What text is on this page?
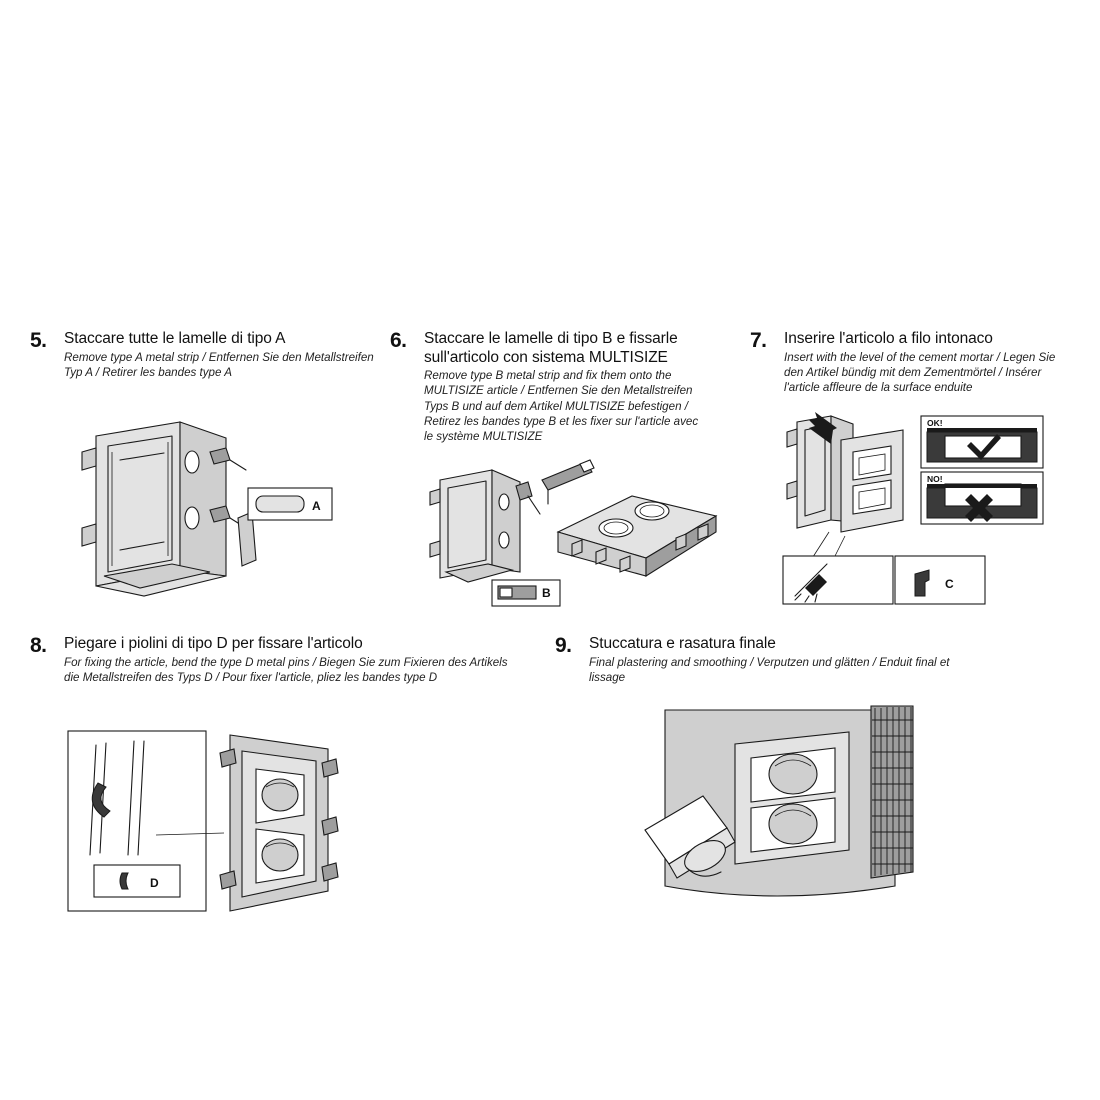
5.	Staccare tutte le lamelle di tipo A
Remove type A metal strip / Entfernen Sie den Metallstreifen Typ A / Retirer les bandes type A
A
6.	Staccare le lamelle di tipo B e fissarle sull'articolo con sistema MULTISIZE
Remove type B metal strip and fix them onto the MULTISIZE article / Entfernen Sie den Metallstreifen Typs B und auf dem Artikel MULTISIZE befestigen / Retirez les bandes type B et les fixer sur l'article avec le système MULTISIZE
B
7.	Inserire l'articolo a filo intonaco
Insert with the level of the cement mortar / Legen Sie den Artikel bündig mit dem Zementmörtel / Insérer l'article affleure de la surface enduite
OK!
NO!
C
8.	Piegare i piolini di tipo D per fissare l'articolo
For fixing the article, bend the type D metal pins / Biegen Sie zum Fixieren des Artikels die Metallstreifen des Typs D / Pour fixer l'article, pliez les bandes type D
D
9.	Stuccatura e rasatura finale
Final plastering and smoothing / Verputzen und glätten / Enduit final et lissage
